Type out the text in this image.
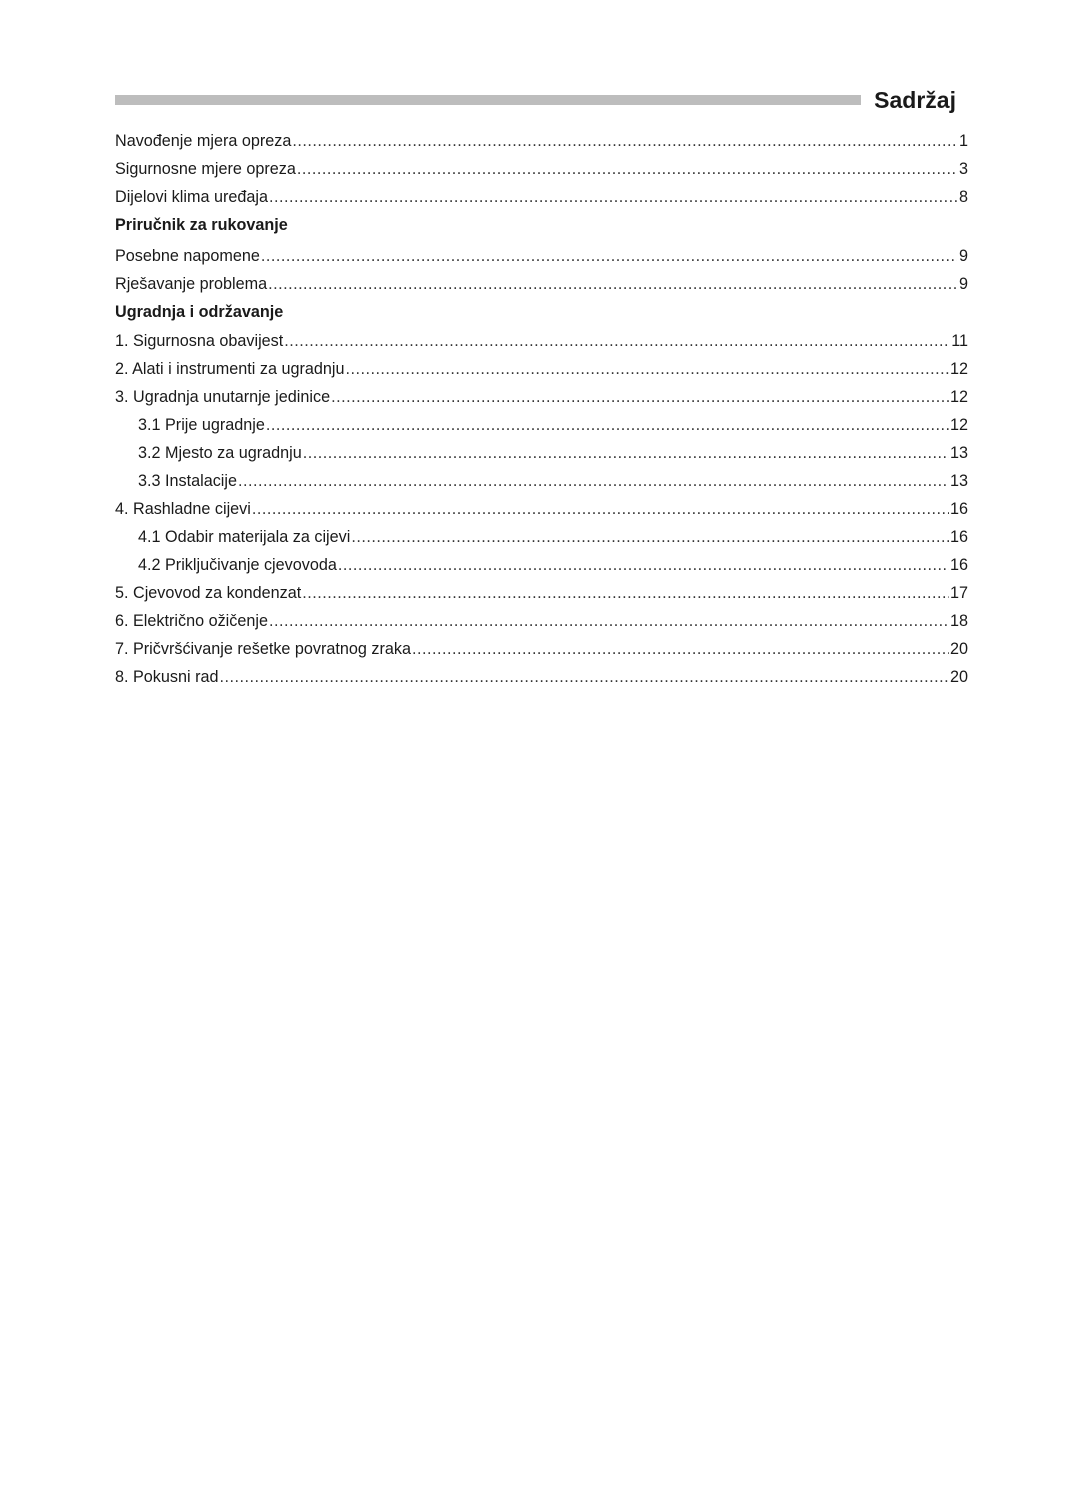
Sadržaj
Navođenje mjera opreza .....	1
Sigurnosne mjere opreza .....	3
Dijelovi klima uređaja .....	8
Priručnik za rukovanje
Posebne napomene .....	9
Rješavanje problema .....	9
Ugradnja i održavanje
1. Sigurnosna obavijest .....	11
2. Alati i instrumenti za ugradnju .....	12
3. Ugradnja unutarnje jedinice .....	12
3.1 Prije ugradnje .....	12
3.2 Mjesto za ugradnju .....	13
3.3 Instalacije .....	13
4. Rashladne cijevi .....	16
4.1 Odabir materijala za cijevi .....	16
4.2 Priključivanje cjevovoda .....	16
5. Cjevovod za kondenzat .....	17
6. Električno ožičenje .....	18
7. Pričvršćivanje rešetke povratnog zraka .....	20
8. Pokusni rad .....	20
